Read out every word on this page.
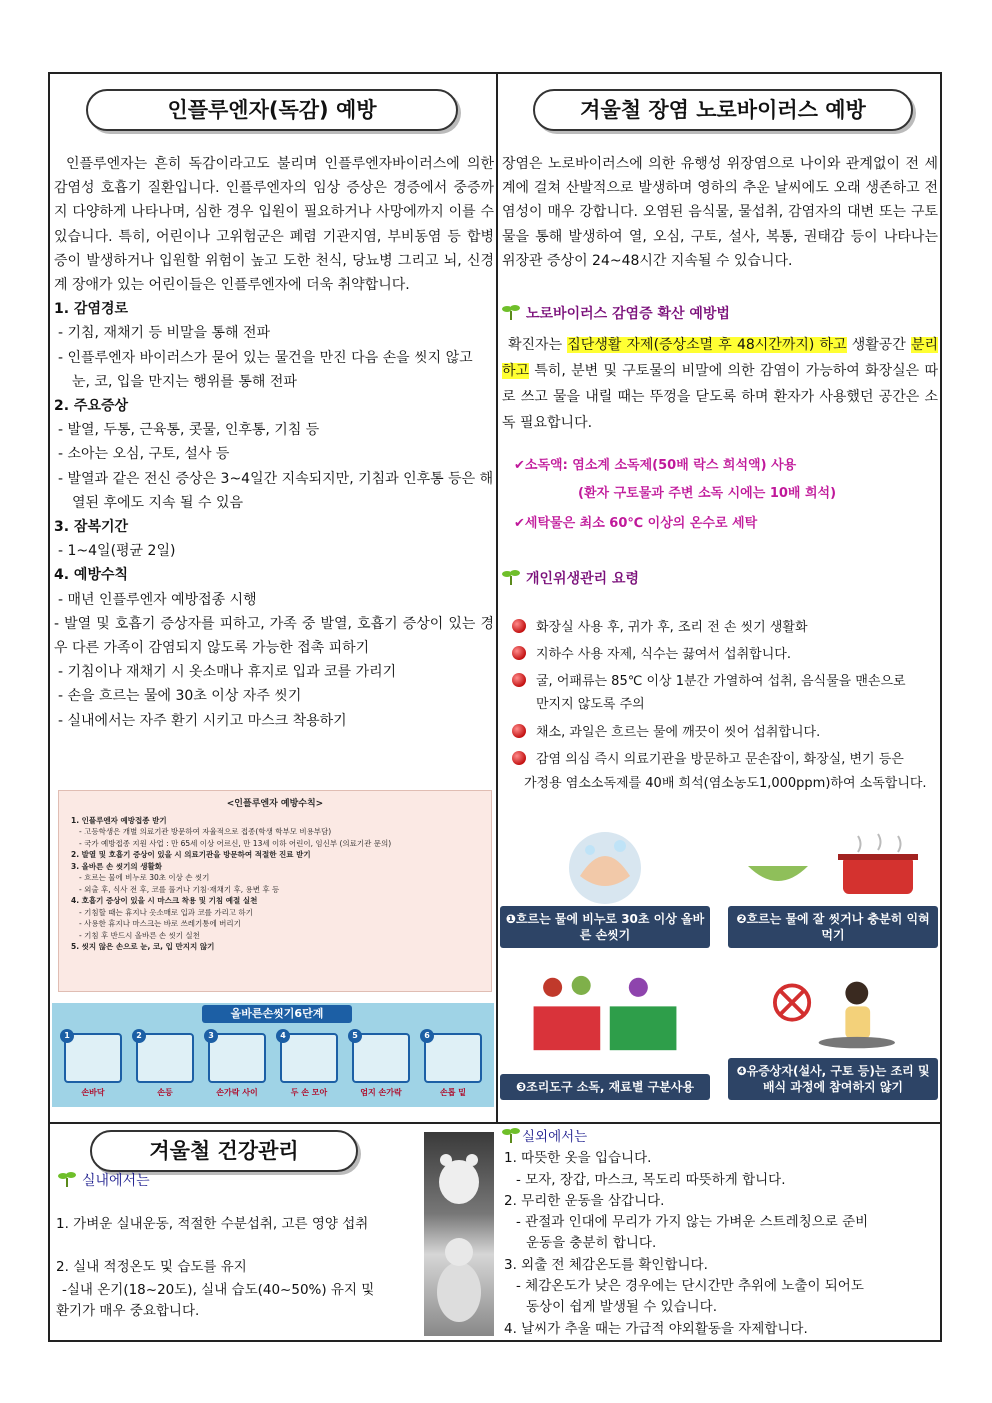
인플루엔자(독감) 예방

인플루엔자는 흔히 독감이라고도 불리며 인플루엔자바이러스에 의한 감염성 호흡기 질환입니다. 인플루엔자의 임상 증상은 경증에서 중증까지 다양하게 나타나며, 심한 경우 입원이 필요하거나 사망에까지 이를 수 있습니다. 특히, 어린이나 고위험군은 폐렴 기관지염, 부비동염 등 합병증이 발생하거나 입원할 위험이 높고 도한 천식, 당뇨병 그리고 뇌, 신경계 장애가 있는 어린이들은 인플루엔자에 더욱 취약합니다.

1. 감염경로

- 기침, 재채기 등 비말을 통해 전파

- 인플루엔자 바이러스가 묻어 있는 물건을 만진 다음 손을 씻지 않고 눈, 코, 입을 만지는 행위를 통해 전파

2. 주요증상

- 발열, 두통, 근육통, 콧물, 인후통, 기침 등

- 소아는 오심, 구토, 설사 등

- 발열과 같은 전신 증상은 3~4일간 지속되지만, 기침과 인후통 등은 해열된 후에도 지속 될 수 있음

3. 잠복기간

- 1~4일(평균 2일)

4. 예방수칙

- 매년 인플루엔자 예방접종 시행

- 발열 및 호흡기 증상자를 피하고, 가족 중 발열, 호흡기 증상이 있는 경우 다른 가족이 감염되지 않도록 가능한 접촉 피하기

- 기침이나 재채기 시 옷소매나 휴지로 입과 코를 가리기

- 손을 흐르는 물에 30초 이상 자주 씻기

- 실내에서는 자주 환기 시키고 마스크 착용하기

<인플루엔자 예방수칙>
1. 인플루엔자 예방접종 받기
- 고등학생은 개별 의료기관 방문하여 자율적으로 접종(학생 학부모 비용부담)
- 국가 예방접종 지원 사업 : 만 65세 이상 어르신, 만 13세 이하 어린이, 임신부 (의료기관 문의)
2. 발열 및 호흡기 증상이 있을 시 의료기관을 방문하여 적절한 진료 받기
3. 올바른 손 씻기의 생활화
- 흐르는 물에 비누로 30초 이상 손 씻기
- 외출 후, 식사 전 후, 코를 풀거나 기침·재채기 후, 용변 후 등
4. 호흡기 증상이 있을 시 마스크 착용 및 기침 예절 실천
- 기침할 때는 휴지나 옷소매로 입과 코를 가리고 하기
- 사용한 휴지나 마스크는 바로 쓰레기통에 버리기
- 기침 후 반드시 올바른 손 씻기 실천
5. 씻지 않은 손으로 눈, 코, 입 만지지 않기
올바른손씻기6단계
1
손바닥
2
손등
3
손가락 사이
4
두 손 모아
5
엄지 손가락
6
손톱 밑
겨울철 장염 노로바이러스 예방
장염은 노로바이러스에 의한 유행성 위장염으로 나이와 관계없이 전 세계에 걸쳐 산발적으로 발생하며 영하의 추운 날씨에도 오래 생존하고 전염성이 매우 강합니다. 오염된 음식물, 물섭취, 감염자의 대변 또는 구토물을 통해 발생하여 열, 오심, 구토, 설사, 복통, 권태감 등이 나타나는 위장관 증상이 24~48시간 지속될 수 있습니다.
노로바이러스 감염증 확산 예방법
확진자는 집단생활 자제(증상소멸 후 48시간까지) 하고 생활공간 분리하고 특히, 분변 및 구토물의 비말에 의한 감염이 가능하여 화장실은 따로 쓰고 물을 내릴 때는 뚜껑을 닫도록 하며 환자가 사용했던 공간은 소독 필요합니다.
✔소독액: 염소계 소독제(50배 락스 희석액) 사용
(환자 구토물과 주변 소독 시에는 10배 희석)
✔세탁물은 최소 60℃ 이상의 온수로 세탁
개인위생관리 요령
화장실 사용 후, 귀가 후, 조리 전 손 씻기 생활화
지하수 사용 자제, 식수는 끓여서 섭취합니다.
굴, 어패류는 85℃ 이상 1분간 가열하여 섭취, 음식물을 맨손으로
만지지 않도록 주의
채소, 과일은 흐르는 물에 깨끗이 씻어 섭취합니다.
감염 의심 즉시 의료기관을 방문하고 문손잡이, 화장실, 변기 등은
가정용 염소소독제를 40배 희석(염소농도1,000ppm)하여 소독합니다.
❶흐르는 물에 비누로 30초 이상 올바른 손씻기
❷흐르는 물에 잘 씻거나 충분히 익혀 먹기
❸조리도구 소독, 재료별 구분사용
❹유증상자(설사, 구토 등)는 조리 및 배식 과정에 참여하지 않기
겨울철 건강관리
실내에서는
1. 가벼운 실내운동, 적절한 수분섭취, 고른 영양 섭취
2. 실내 적정온도 및 습도를 유지
-실내 온기(18~20도), 실내 습도(40~50%) 유지 및
환기가 매우 중요합니다.
실외에서는
1. 따뜻한 옷을 입습니다.
- 모자, 장갑, 마스크, 목도리 따뜻하게 합니다.
2. 무리한 운동을 삼갑니다.
- 관절과 인대에 무리가 가지 않는 가벼운 스트레칭으로 준비
운동을 충분히 합니다.
3. 외출 전 체감온도를 확인합니다.
- 체감온도가 낮은 경우에는 단시간만 추위에 노출이 되어도
동상이 쉽게 발생될 수 있습니다.
4. 날씨가 추울 때는 가급적 야외활동을 자제합니다.
